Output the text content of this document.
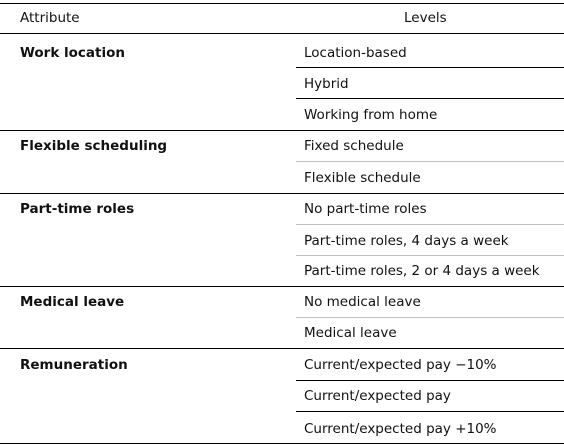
Attribute	Levels
Work location	Location-based
Hybrid
Working from home
Flexible scheduling	Fixed schedule
Flexible schedule
Part-time roles	No part-time roles
Part-time roles, 4 days a week
Part-time roles, 2 or 4 days a week
Medical leave	No medical leave
Medical leave
Remuneration	Current/expected pay −10%
Current/expected pay
Current/expected pay +10%
